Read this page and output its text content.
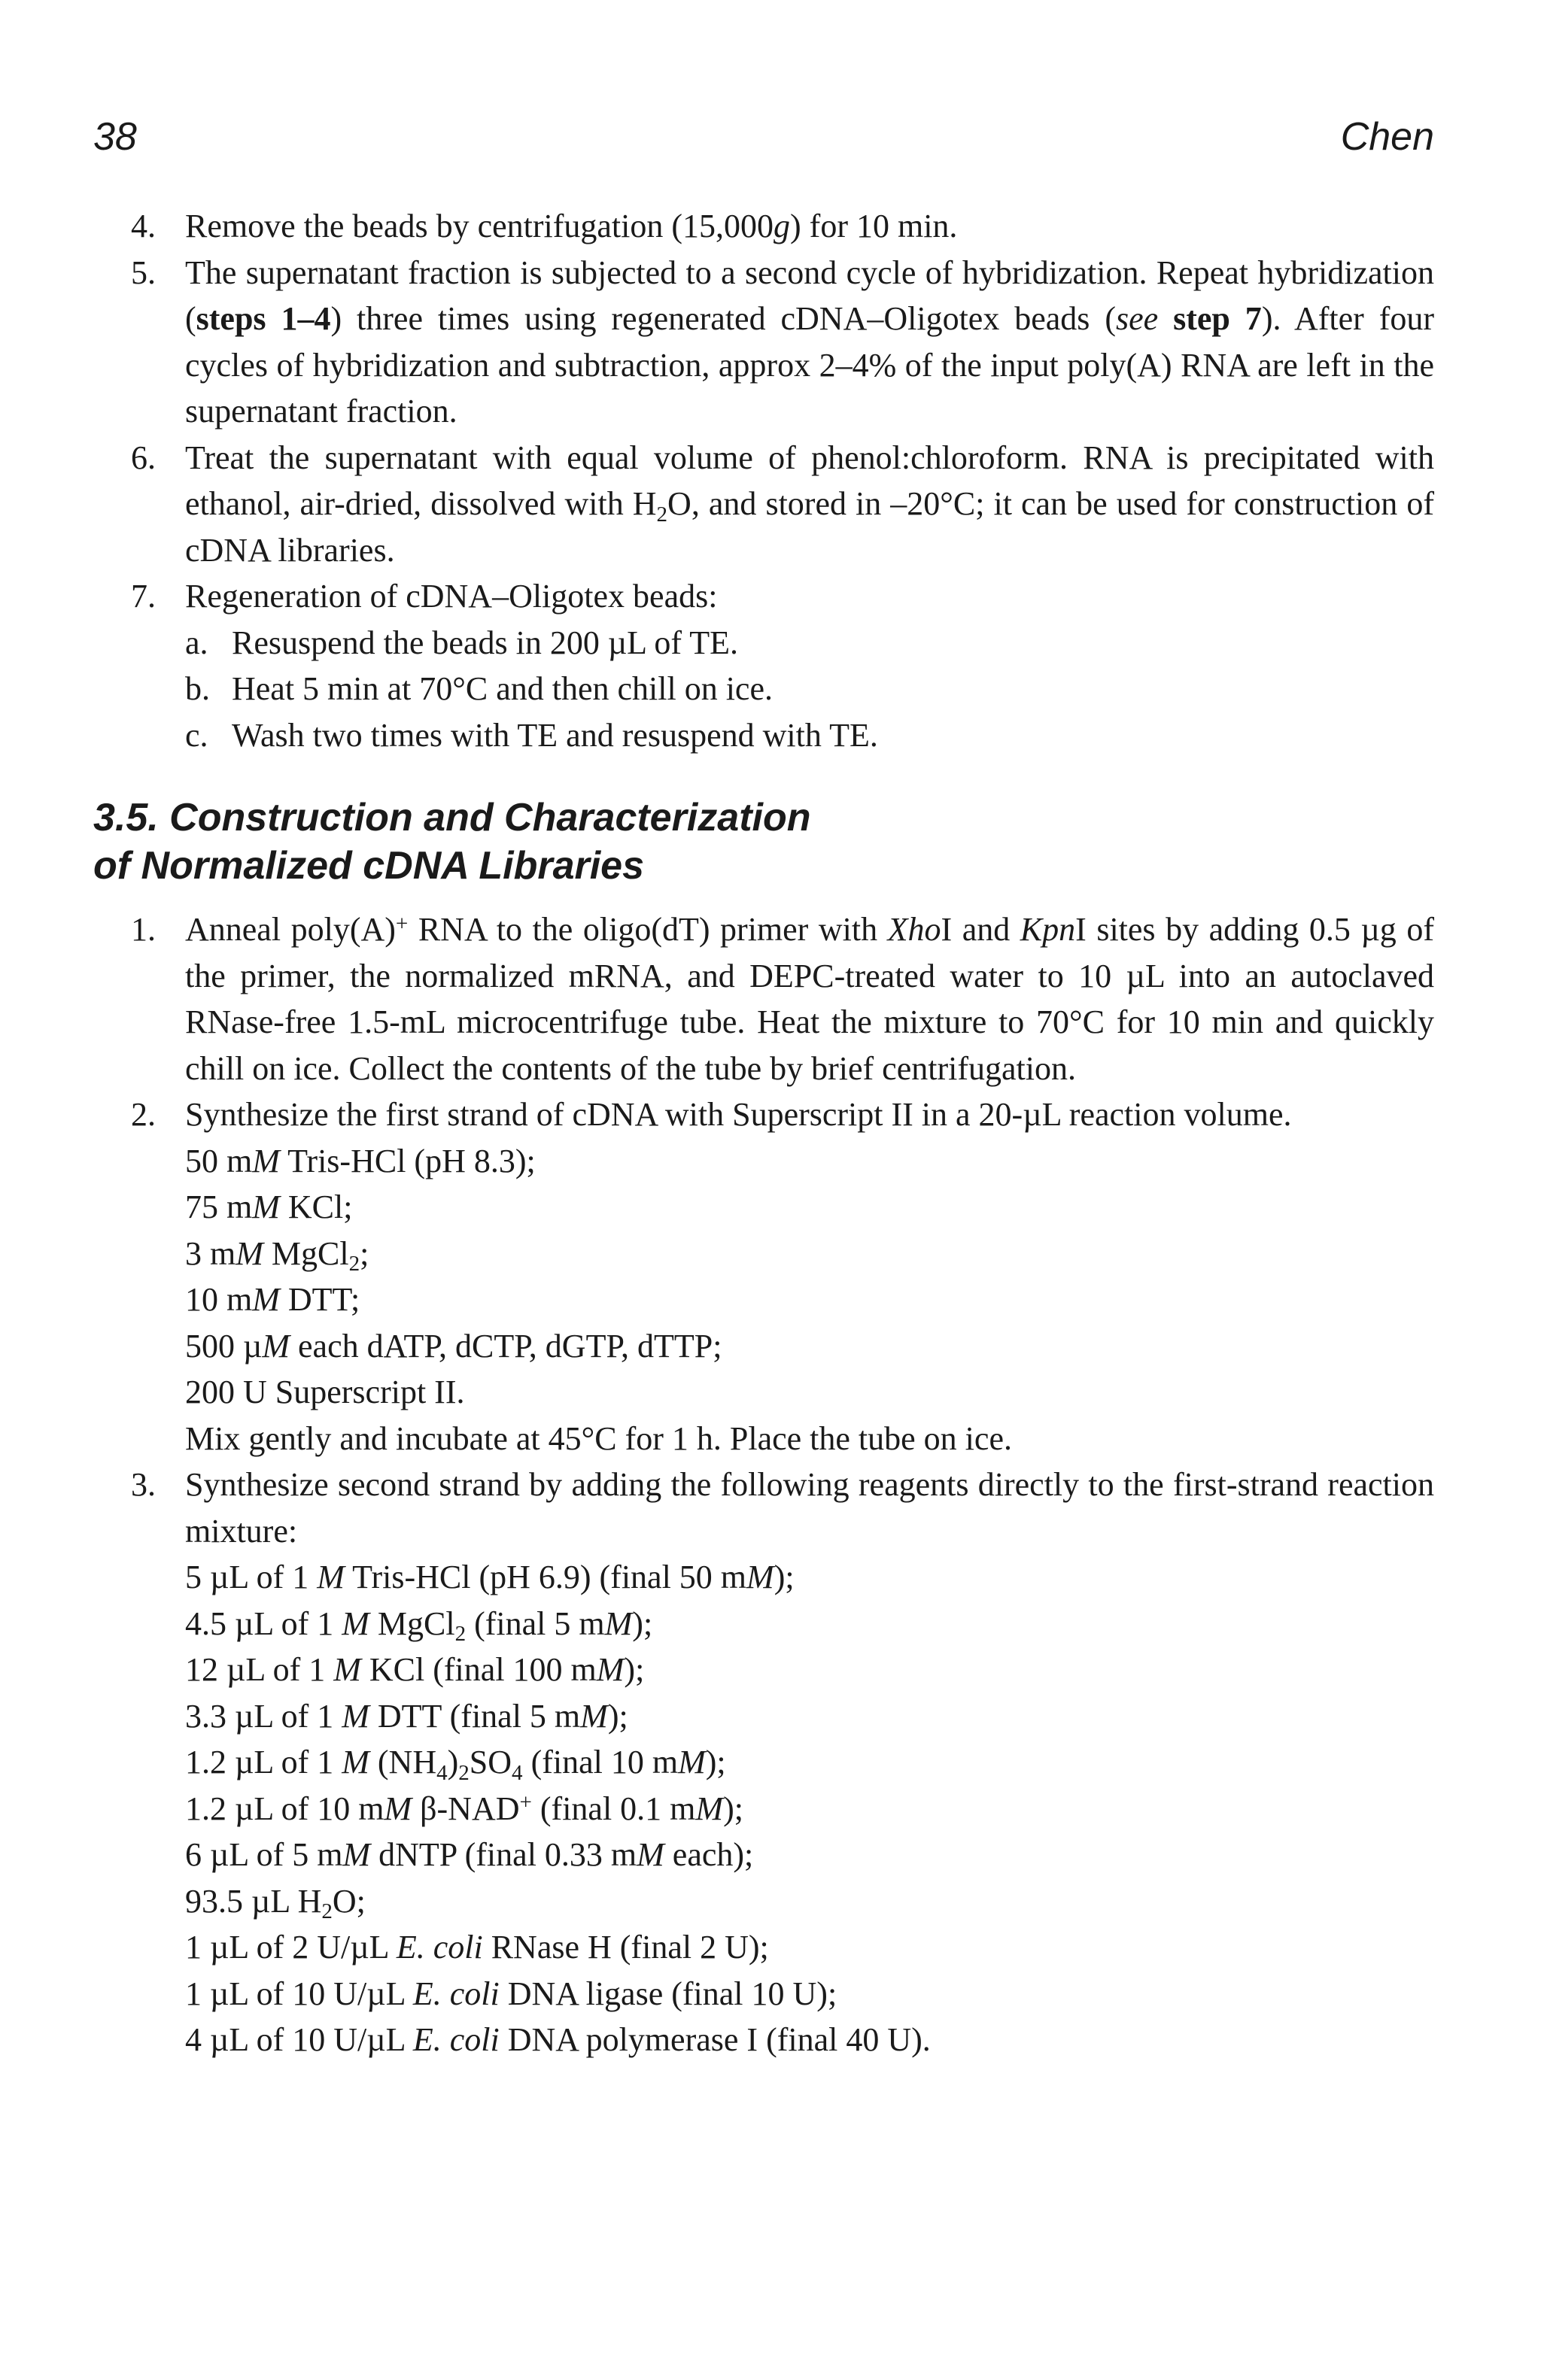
38	Chen
4. Remove the beads by centrifugation (15,000g) for 10 min.
5. The supernatant fraction is subjected to a second cycle of hybridization. Repeat hybridization (steps 1–4) three times using regenerated cDNA–Oligotex beads (see step 7). After four cycles of hybridization and subtraction, approx 2–4% of the input poly(A) RNA are left in the supernatant fraction.
6. Treat the supernatant with equal volume of phenol:chloroform. RNA is precipitated with ethanol, air-dried, dissolved with $H_2O$, and stored in –20°C; it can be used for construction of cDNA libraries.
7. Regeneration of cDNA–Oligotex beads:
a. Resuspend the beads in 200 µL of TE.
b. Heat 5 min at 70°C and then chill on ice.
c. Wash two times with TE and resuspend with TE.
3.5. Construction and Characterization
of Normalized cDNA Libraries
1. Anneal poly(A)+ RNA to the oligo(dT) primer with XhoI and KpnI sites by adding 0.5 µg of the primer, the normalized mRNA, and DEPC-treated water to 10 µL into an autoclaved RNase-free 1.5-mL microcentrifuge tube. Heat the mixture to 70°C for 10 min and quickly chill on ice. Collect the contents of the tube by brief centrifugation.
2. Synthesize the first strand of cDNA with Superscript II in a 20-µL reaction volume.
50 mM Tris-HCl (pH 8.3);
75 mM KCl;
3 mM MgCl$_2$;
10 mM DTT;
500 µM each dATP, dCTP, dGTP, dTTP;
200 U Superscript II.
Mix gently and incubate at 45°C for 1 h. Place the tube on ice.
3. Synthesize second strand by adding the following reagents directly to the first-strand reaction mixture:
5 µL of 1 M Tris-HCl (pH 6.9) (final 50 mM);
4.5 µL of 1 M MgCl$_2$ (final 5 mM);
12 µL of 1 M KCl (final 100 mM);
3.3 µL of 1 M DTT (final 5 mM);
1.2 µL of 1 M $(NH_4)_2SO_4$ (final 10 mM);
1.2 µL of 10 mM β-NAD+ (final 0.1 mM);
6 µL of 5 mM dNTP (final 0.33 mM each);
93.5 µL $H_2O$;
1 µL of 2 U/µL E. coli RNase H (final 2 U);
1 µL of 10 U/µL E. coli DNA ligase (final 10 U);
4 µL of 10 U/µL E. coli DNA polymerase I (final 40 U).
